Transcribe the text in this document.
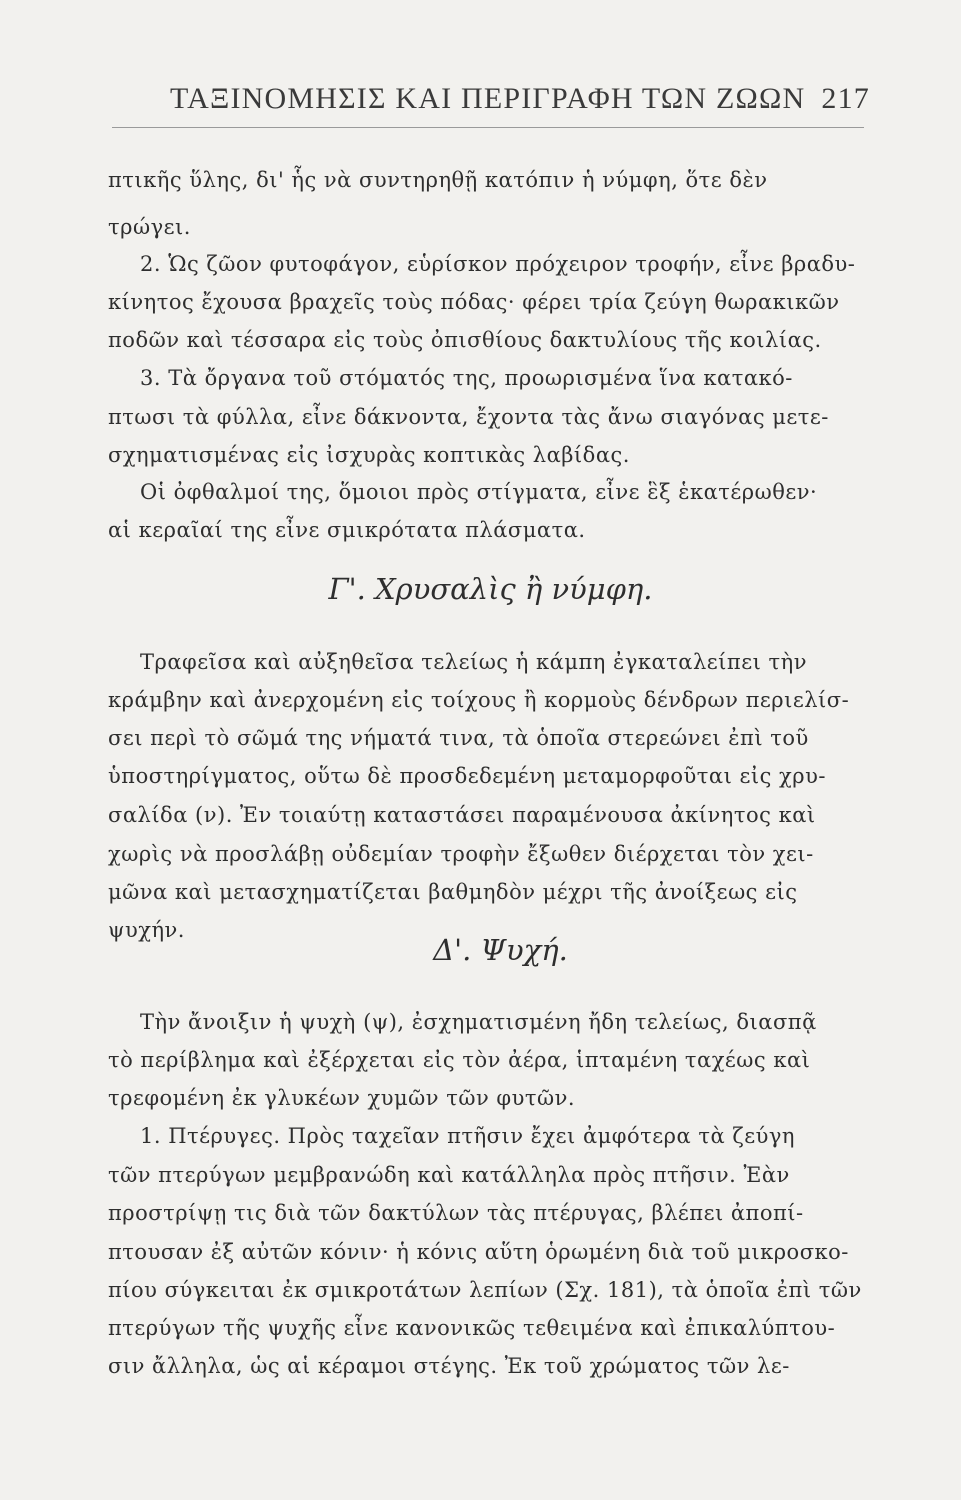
ΤΑΞΙΝΟΜΗΣΙΣ ΚΑΙ ΠΕΡΙΓΡΑΦΗ ΤΩΝ ΖΩΩΝ 217
πτικῆς ὕλης, δι' ἧς νὰ συντηρηθῇ κατόπιν ἡ νύμφη, ὅτε δὲν
τρώγει.
2. Ὡς ζῶον φυτοφάγον, εὑρίσκον πρόχειρον τροφήν, εἶνε βραδυ-
κίνητος ἔχουσα βραχεῖς τοὺς πόδας· φέρει τρία ζεύγη θωρακικῶν
ποδῶν καὶ τέσσαρα εἰς τοὺς ὀπισθίους δακτυλίους τῆς κοιλίας.
3. Τὰ ὄργανα τοῦ στόματός της, προωρισμένα ἵνα κατακό-
πτωσι τὰ φύλλα, εἶνε δάκνοντα, ἔχοντα τὰς ἄνω σιαγόνας μετε-
σχηματισμένας εἰς ἰσχυρὰς κοπτικὰς λαβίδας.
Οἱ ὀφθαλμοί της, ὅμοιοι πρὸς στίγματα, εἶνε ἓξ ἑκατέρωθεν·
αἱ κεραῖαί της εἶνε σμικρότατα πλάσματα.
Γ'. Χρυσαλὶς ἢ νύμφη.
Τραφεῖσα καὶ αὐξηθεῖσα τελείως ἡ κάμπη ἐγκαταλείπει τὴν
κράμβην καὶ ἀνερχομένη εἰς τοίχους ἢ κορμοὺς δένδρων περιελίσ-
σει περὶ τὸ σῶμά της νήματά τινα, τὰ ὁποῖα στερεώνει ἐπὶ τοῦ
ὑποστηρίγματος, οὕτω δὲ προσδεδεμένη μεταμορφοῦται εἰς χρυ-
σαλίδα (ν). Ἐν τοιαύτῃ καταστάσει παραμένουσα ἀκίνητος καὶ
χωρὶς νὰ προσλάβῃ οὐδεμίαν τροφὴν ἔξωθεν διέρχεται τὸν χει-
μῶνα καὶ μετασχηματίζεται βαθμηδὸν μέχρι τῆς ἀνοίξεως εἰς
ψυχήν.
Δ'. Ψυχή.
Τὴν ἄνοιξιν ἡ ψυχὴ (ψ), ἐσχηματισμένη ἤδη τελείως, διασπᾷ
τὸ περίβλημα καὶ ἐξέρχεται εἰς τὸν ἀέρα, ἱπταμένη ταχέως καὶ
τρεφομένη ἐκ γλυκέων χυμῶν τῶν φυτῶν.
1. Πτέρυγες. Πρὸς ταχεῖαν πτῆσιν ἔχει ἀμφότερα τὰ ζεύγη
τῶν πτερύγων μεμβρανώδη καὶ κατάλληλα πρὸς πτῆσιν. Ἐὰν
προστρίψῃ τις διὰ τῶν δακτύλων τὰς πτέρυγας, βλέπει ἀποπί-
πτουσαν ἐξ αὐτῶν κόνιν· ἡ κόνις αὕτη ὁρωμένη διὰ τοῦ μικροσκο-
πίου σύγκειται ἐκ σμικροτάτων λεπίων (Σχ. 181), τὰ ὁποῖα ἐπὶ τῶν
πτερύγων τῆς ψυχῆς εἶνε κανονικῶς τεθειμένα καὶ ἐπικαλύπτου-
σιν ἄλληλα, ὡς αἱ κέραμοι στέγης. Ἐκ τοῦ χρώματος τῶν λε-
